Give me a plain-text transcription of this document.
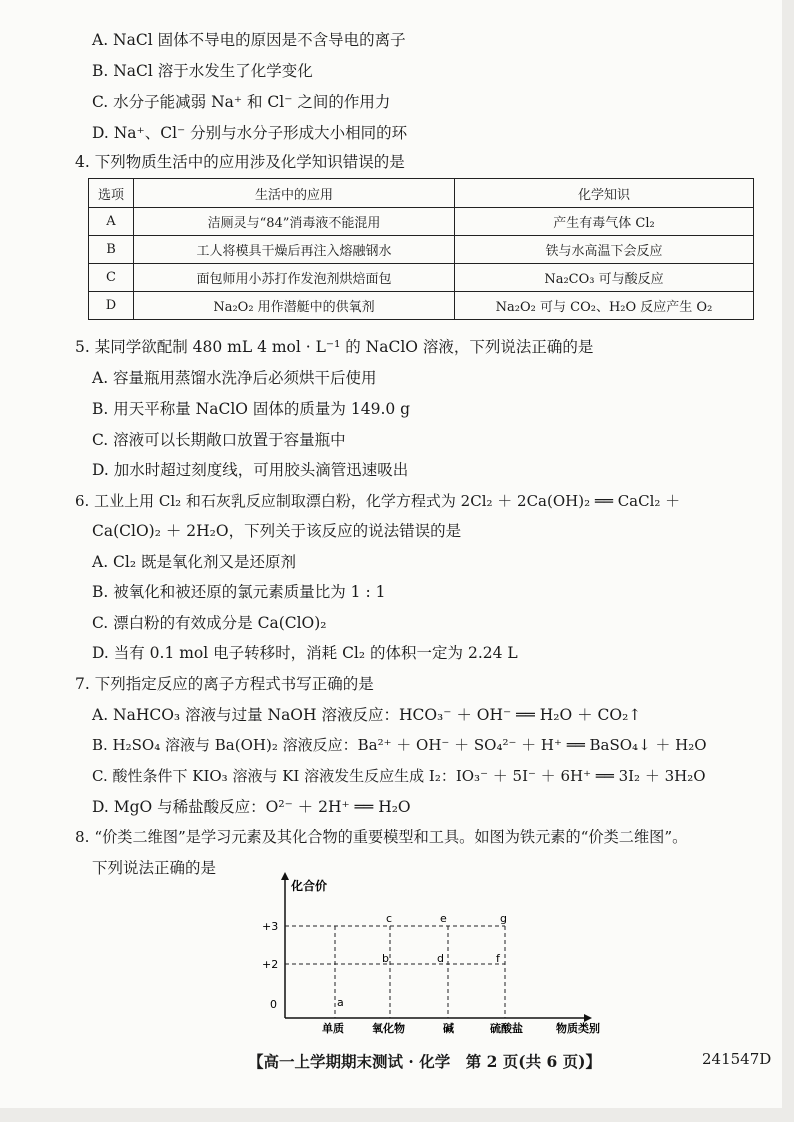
A. NaCl 固体不导电的原因是不含导电的离子
B. NaCl 溶于水发生了化学变化
C. 水分子能减弱 Na⁺ 和 Cl⁻ 之间的作用力
D. Na⁺、Cl⁻ 分别与水分子形成大小相同的环
4. 下列物质生活中的应用涉及化学知识错误的是
选项	生活中的应用	化学知识
A	洁厕灵与“84”消毒液不能混用	产生有毒气体 Cl₂
B	工人将模具干燥后再注入熔融钢水	铁与水高温下会反应
C	面包师用小苏打作发泡剂烘焙面包	Na₂CO₃ 可与酸反应
D	Na₂O₂ 用作潜艇中的供氧剂	Na₂O₂ 可与 CO₂、H₂O 反应产生 O₂
5. 某同学欲配制 480 mL 4 mol · L⁻¹ 的 NaClO 溶液，下列说法正确的是
A. 容量瓶用蒸馏水洗净后必须烘干后使用
B. 用天平称量 NaClO 固体的质量为 149.0 g
C. 溶液可以长期敞口放置于容量瓶中
D. 加水时超过刻度线，可用胶头滴管迅速吸出
6. 工业上用 Cl₂ 和石灰乳反应制取漂白粉，化学方程式为 2Cl₂ ＋ 2Ca(OH)₂ ══ CaCl₂ ＋
Ca(ClO)₂ ＋ 2H₂O，下列关于该反应的说法错误的是
A. Cl₂ 既是氧化剂又是还原剂
B. 被氧化和被还原的氯元素质量比为 1 : 1
C. 漂白粉的有效成分是 Ca(ClO)₂
D. 当有 0.1 mol 电子转移时，消耗 Cl₂ 的体积一定为 2.24 L
7. 下列指定反应的离子方程式书写正确的是
A. NaHCO₃ 溶液与过量 NaOH 溶液反应：HCO₃⁻ ＋ OH⁻ ══ H₂O ＋ CO₂↑
B. H₂SO₄ 溶液与 Ba(OH)₂ 溶液反应：Ba²⁺ ＋ OH⁻ ＋ SO₄²⁻ ＋ H⁺ ══ BaSO₄↓ ＋ H₂O
C. 酸性条件下 KIO₃ 溶液与 KI 溶液发生反应生成 I₂：IO₃⁻ ＋ 5I⁻ ＋ 6H⁺ ══ 3I₂ ＋ 3H₂O
D. MgO 与稀盐酸反应：O²⁻ ＋ 2H⁺ ══ H₂O
8. “价类二维图”是学习元素及其化合物的重要模型和工具。如图为铁元素的“价类二维图”。
下列说法正确的是
化合价
物质类别
+3
+2
0
单质	氧化物	碱	硫酸盐
a
b
c
d
e
f
g
【高一上学期期末测试 · 化学　第 2 页(共 6 页)】	241547D
